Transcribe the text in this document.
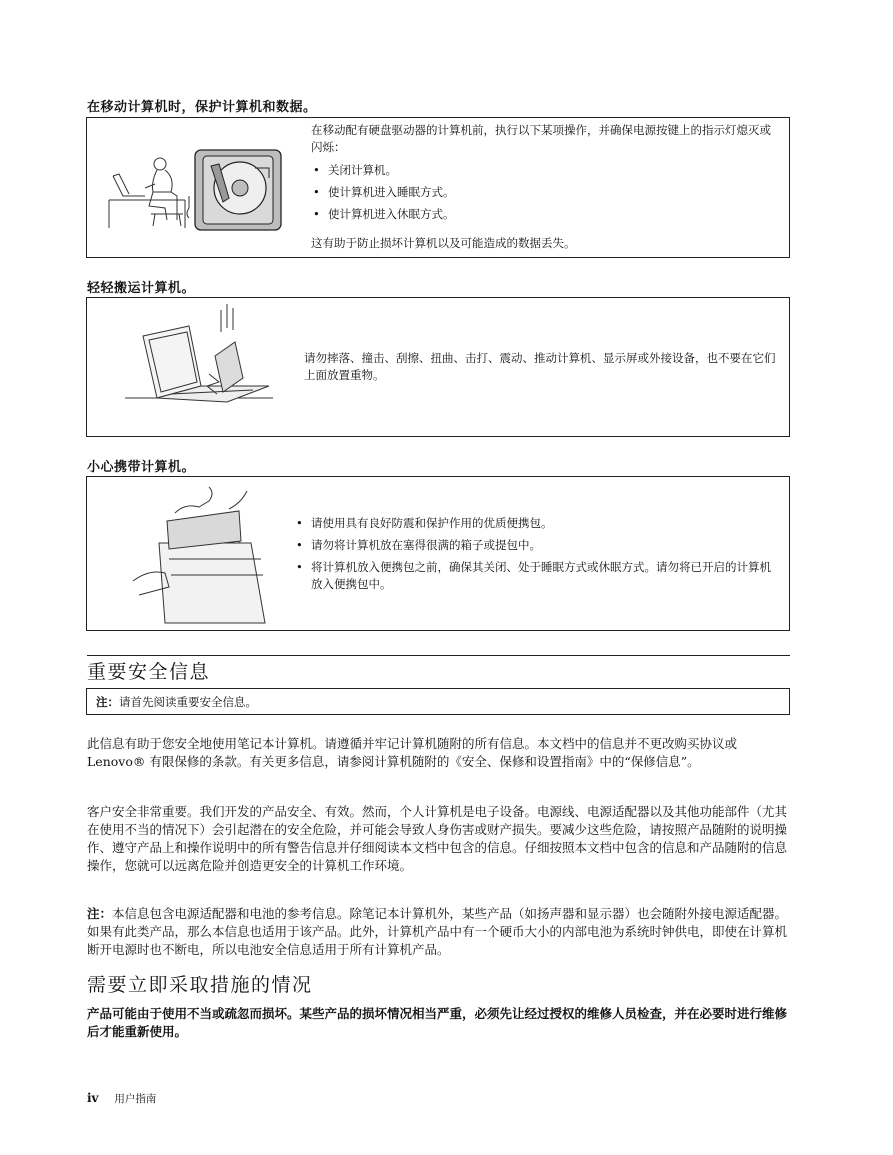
在移动计算机时，保护计算机和数据。

在移动配有硬盘驱动器的计算机前，执行以下某项操作，并确保电源按键上的指示灯熄灭或闪烁：

• 关闭计算机。
• 使计算机进入睡眠方式。
• 使计算机进入休眠方式。

这有助于防止损坏计算机以及可能造成的数据丢失。

轻轻搬运计算机。
请勿摔落、撞击、刮擦、扭曲、击打、震动、推动计算机、显示屏或外接设备，也不要在它们上面放置重物。
小心携带计算机。
• 请使用具有良好防震和保护作用的优质便携包。
• 请勿将计算机放在塞得很满的箱子或提包中。
• 将计算机放入便携包之前，确保其关闭、处于睡眠方式或休眠方式。请勿将已开启的计算机放入便携包中。
重要安全信息
注：请首先阅读重要安全信息。

此信息有助于您安全地使用笔记本计算机。请遵循并牢记计算机随附的所有信息。本文档中的信息并不更改购买协议或 Lenovo® 有限保修的条款。有关更多信息，请参阅计算机随附的《安全、保修和设置指南》中的“保修信息”。

客户安全非常重要。我们开发的产品安全、有效。然而，个人计算机是电子设备。电源线、电源适配器以及其他功能部件（尤其在使用不当的情况下）会引起潜在的安全危险，并可能会导致人身伤害或财产损失。要减少这些危险，请按照产品随附的说明操作、遵守产品上和操作说明中的所有警告信息并仔细阅读本文档中包含的信息。仔细按照本文档中包含的信息和产品随附的信息操作，您就可以远离危险并创造更安全的计算机工作环境。

注：本信息包含电源适配器和电池的参考信息。除笔记本计算机外，某些产品（如扬声器和显示器）也会随附外接电源适配器。如果有此类产品，那么本信息也适用于该产品。此外，计算机产品中有一个硬币大小的内部电池为系统时钟供电，即使在计算机断开电源时也不断电，所以电池安全信息适用于所有计算机产品。

需要立即采取措施的情况

产品可能由于使用不当或疏忽而损坏。某些产品的损坏情况相当严重，必须先让经过授权的维修人员检查，并在必要时进行维修后才能重新使用。

iv 用户指南
